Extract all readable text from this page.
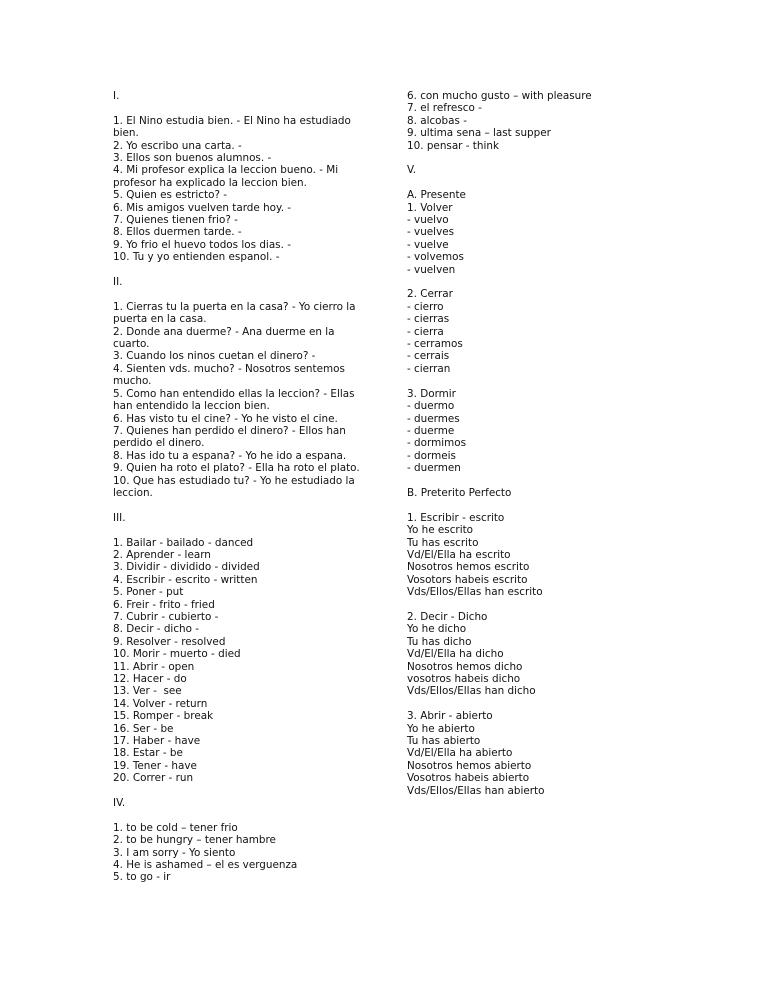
I.
1. El Nino estudia bien. - El Nino ha estudiado bien.
2. Yo escribo una carta. -
3. Ellos son buenos alumnos. -
4. Mi profesor explica la leccion bueno. - Mi profesor ha explicado la leccion bien.
5. Quien es estricto? -
6. Mis amigos vuelven tarde hoy. -
7. Quienes tienen frio? -
8. Ellos duermen tarde. -
9. Yo frio el huevo todos los dias. -
10. Tu y yo entienden espanol. -
II.
1. Cierras tu la puerta en la casa? - Yo cierro la puerta en la casa.
2. Donde ana duerme? - Ana duerme en la cuarto.
3. Cuando los ninos cuetan el dinero? -
4. Sienten vds. mucho? - Nosotros sentemos mucho.
5. Como han entendido ellas la leccion? - Ellas han entendido la leccion bien.
6. Has visto tu el cine? - Yo he visto el cine.
7. Quienes han perdido el dinero? - Ellos han perdido el dinero.
8. Has ido tu a espana? - Yo he ido a espana.
9. Quien ha roto el plato? - Ella ha roto el plato.
10. Que has estudiado tu? - Yo he estudiado la leccion.
III.
1. Bailar - bailado - danced
2. Aprender - learn
3. Dividir - dividido - divided
4. Escribir - escrito - written
5. Poner - put
6. Freir - frito - fried
7. Cubrir - cubierto -
8. Decir - dicho -
9. Resolver - resolved
10. Morir - muerto - died
11. Abrir - open
12. Hacer - do
13. Ver -  see
14. Volver - return
15. Romper - break
16. Ser - be
17. Haber - have
18. Estar - be
19. Tener - have
20. Correr - run
IV.
1. to be cold – tener frio
2. to be hungry – tener hambre
3. I am sorry - Yo siento
4. He is ashamed – el es verguenza
5. to go - ir
6. con mucho gusto – with pleasure
7. el refresco -
8. alcobas -
9. ultima sena – last supper
10. pensar - think
V.
A. Presente
1. Volver
- vuelvo
- vuelves
- vuelve
- volvemos
- vuelven
2. Cerrar
- cierro
- cierras
- cierra
- cerramos
- cerrais
- cierran
3. Dormir
- duermo
- duermes
- duerme
- dormimos
- dormeis
- duermen
B. Preterito Perfecto
1. Escribir - escrito
Yo he escrito
Tu has escrito
Vd/El/Ella ha escrito
Nosotros hemos escrito
Vosotors habeis escrito
Vds/Ellos/Ellas han escrito
2. Decir - Dicho
Yo he dicho
Tu has dicho
Vd/El/Ella ha dicho
Nosotros hemos dicho
vosotros habeis dicho
Vds/Ellos/Ellas han dicho
3. Abrir - abierto
Yo he abierto
Tu has abierto
Vd/El/Ella ha abierto
Nosotros hemos abierto
Vosotros habeis abierto
Vds/Ellos/Ellas han abierto
